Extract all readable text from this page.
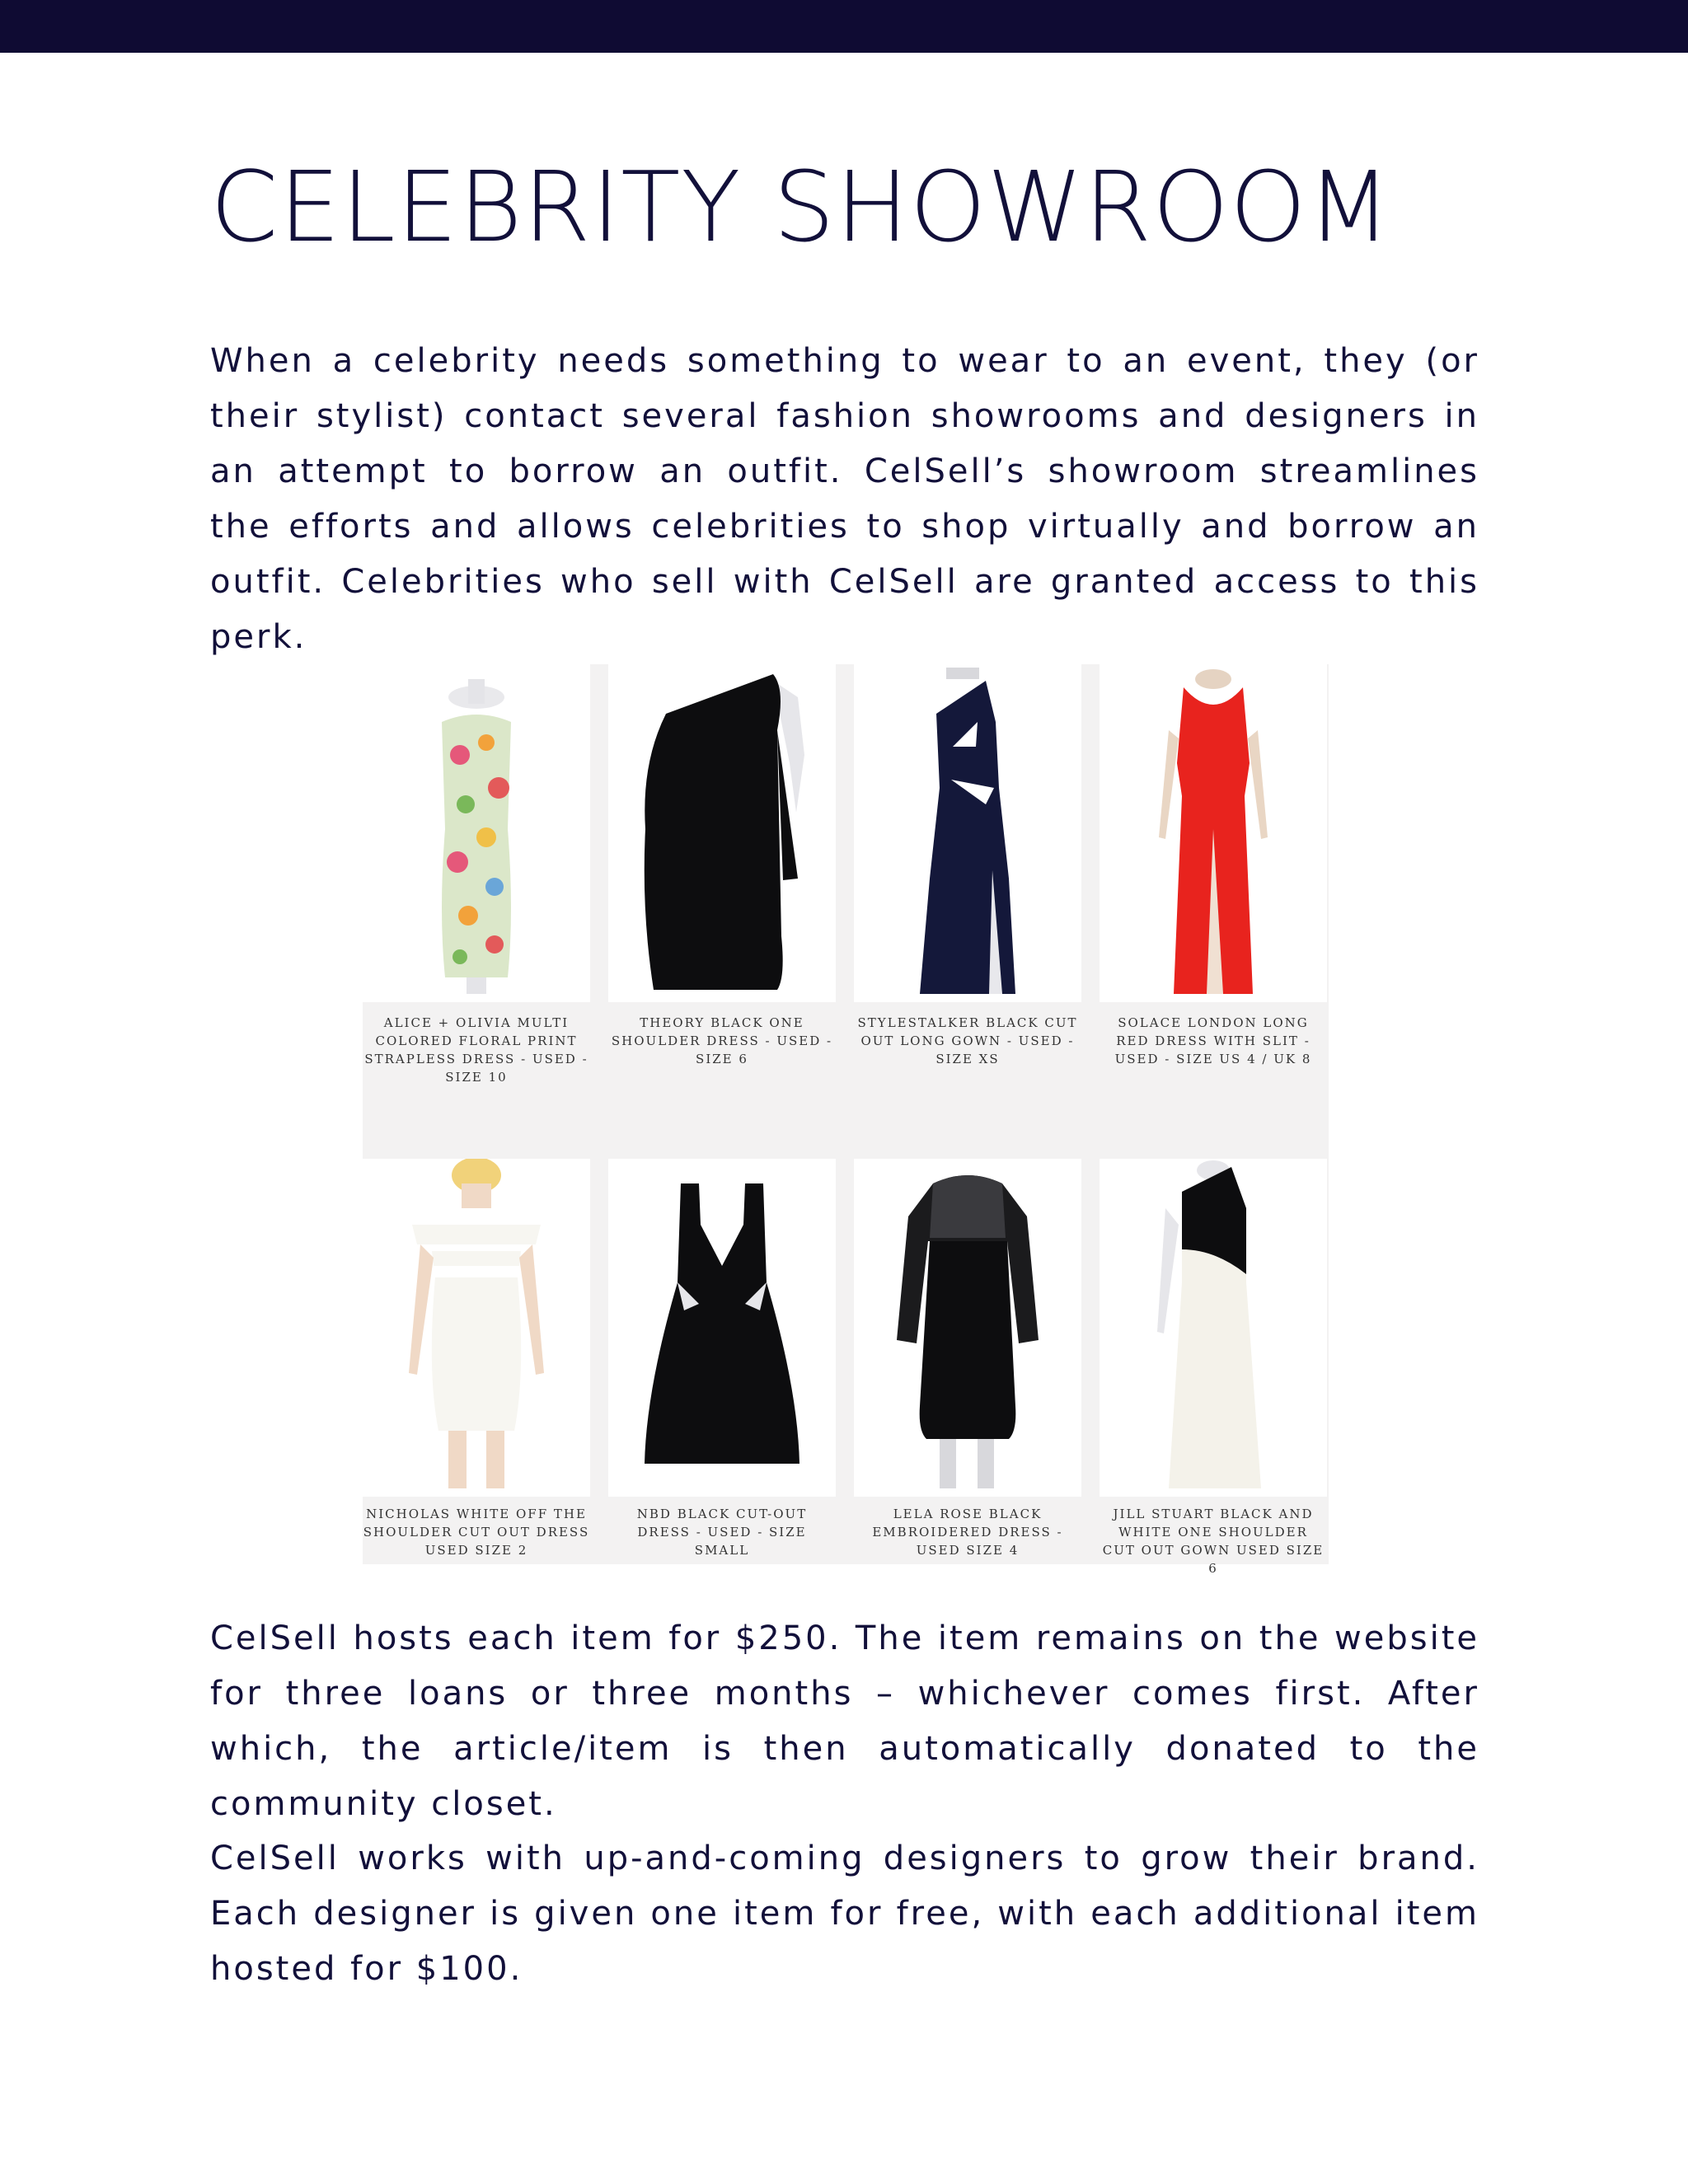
CELEBRITY SHOWROOM

When a celebrity needs something to wear to an event, they (or their stylist) contact several fashion showrooms and designers in an attempt to borrow an outfit. CelSell’s showroom streamlines the efforts and allows celebrities to shop virtually and borrow an outfit. Celebrities who sell with CelSell are granted access to this perk.

ALICE + OLIVIA MULTI COLORED FLORAL PRINT STRAPLESS DRESS - USED - SIZE 10
THEORY BLACK ONE SHOULDER DRESS - USED - SIZE 6
STYLESTALKER BLACK CUT OUT LONG GOWN - USED - SIZE XS
SOLACE LONDON LONG RED DRESS WITH SLIT - USED - SIZE US 4 / UK 8
NICHOLAS WHITE OFF THE SHOULDER CUT OUT DRESS USED SIZE 2
NBD BLACK CUT-OUT DRESS - USED - SIZE SMALL
LELA ROSE BLACK EMBROIDERED DRESS - USED SIZE 4
JILL STUART BLACK AND WHITE ONE SHOULDER CUT OUT GOWN USED SIZE 6

CelSell hosts each item for $250. The item remains on the website for three loans or three months – whichever comes first. After which, the article/item is then automatically donated to the community closet.

CelSell works with up-and-coming designers to grow their brand. Each designer is given one item for free, with each additional item hosted for $100.
